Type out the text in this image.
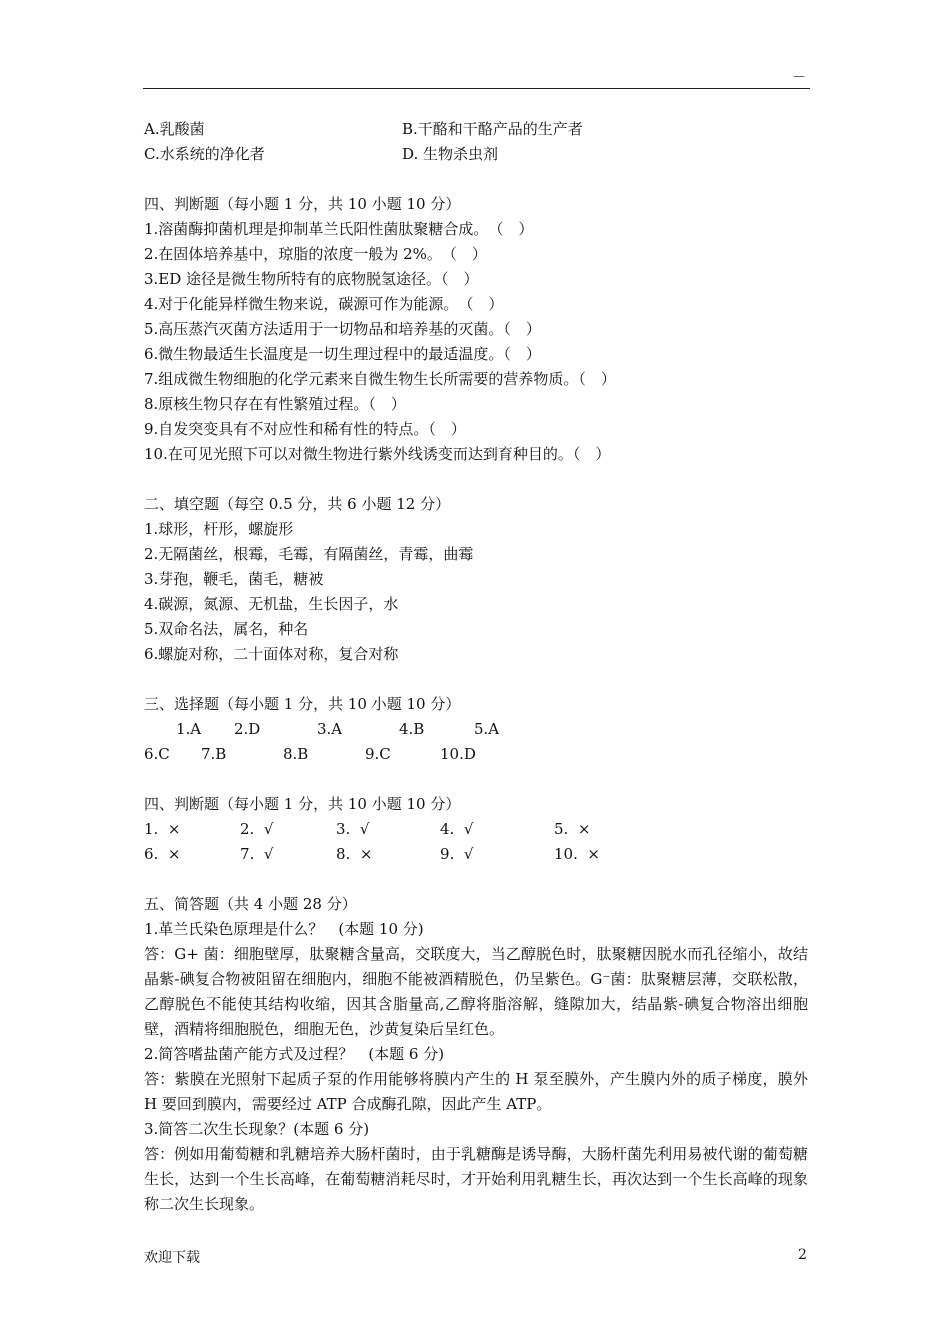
—
A.乳酸菌	B.干酪和干酪产品的生产者
C.水系统的净化者	D. 生物杀虫剂
四、判断题（每小题 1 分，共 10 小题 10 分）
1.溶菌酶抑菌机理是抑制革兰氏阳性菌肽聚糖合成。　（　）
2.在固体培养基中，琼脂的浓度一般为 2%。　（　）
3.ED 途径是微生物所特有的底物脱氢途径。（　）
4.对于化能异样微生物来说，碳源可作为能源。　（　）
5.高压蒸汽灭菌方法适用于一切物品和培养基的灭菌。（　）
6.微生物最适生长温度是一切生理过程中的最适温度。（　）
7.组成微生物细胞的化学元素来自微生物生长所需要的营养物质。（　）
8.原核生物只存在有性繁殖过程。（　）
9.自发突变具有不对应性和稀有性的特点。（　）
10.在可见光照下可以对微生物进行紫外线诱变而达到育种目的。（　）
二、填空题（每空 0.5 分，共 6 小题 12 分）
1.球形，杆形，螺旋形
2.无隔菌丝，根霉，毛霉，有隔菌丝，青霉，曲霉
3.芽孢，鞭毛，菌毛，糖被
4.碳源，氮源、无机盐，生长因子，水
5.双命名法，属名，种名
6.螺旋对称，二十面体对称，复合对称
三、选择题（每小题 1 分，共 10 小题 10 分）
1.A 2.D	3.A	4.B	5.A
6.C 7.B	8.B	9.C	10.D
四、判断题（每小题 1 分，共 10 小题 10 分）
1.  ×	2.  √	3.  √	4.  √	5.  ×
6.  ×	7.  √	8.  ×	9.  √	10.  ×
五、简答题（共 4 小题 28 分）
1.革兰氏染色原理是什么？　(本题 10 分)
答：G+ 菌：细胞壁厚，肽聚糖含量高，交联度大，当乙醇脱色时，肽聚糖因脱水而孔径缩小，故结晶紫-碘复合物被阻留在细胞内，细胞不能被酒精脱色，仍呈紫色。G⁻菌：肽聚糖层薄，交联松散，乙醇脱色不能使其结构收缩，因其含脂量高,乙醇将脂溶解，缝隙加大，结晶紫-碘复合物溶出细胞壁，酒精将细胞脱色，细胞无色，沙黄复染后呈红色。
2.简答嗜盐菌产能方式及过程？　(本题 6 分)
答：紫膜在光照射下起质子泵的作用能够将膜内产生的 H 泵至膜外，产生膜内外的质子梯度，膜外 H 要回到膜内，需要经过 ATP 合成酶孔隙，因此产生 ATP。
3.简答二次生长现象？(本题 6 分)
答：例如用葡萄糖和乳糖培养大肠杆菌时，由于乳糖酶是诱导酶，大肠杆菌先利用易被代谢的葡萄糖生长，达到一个生长高峰，在葡萄糖消耗尽时，才开始利用乳糖生长，再次达到一个生长高峰的现象称二次生长现象。
欢迎下载	2
